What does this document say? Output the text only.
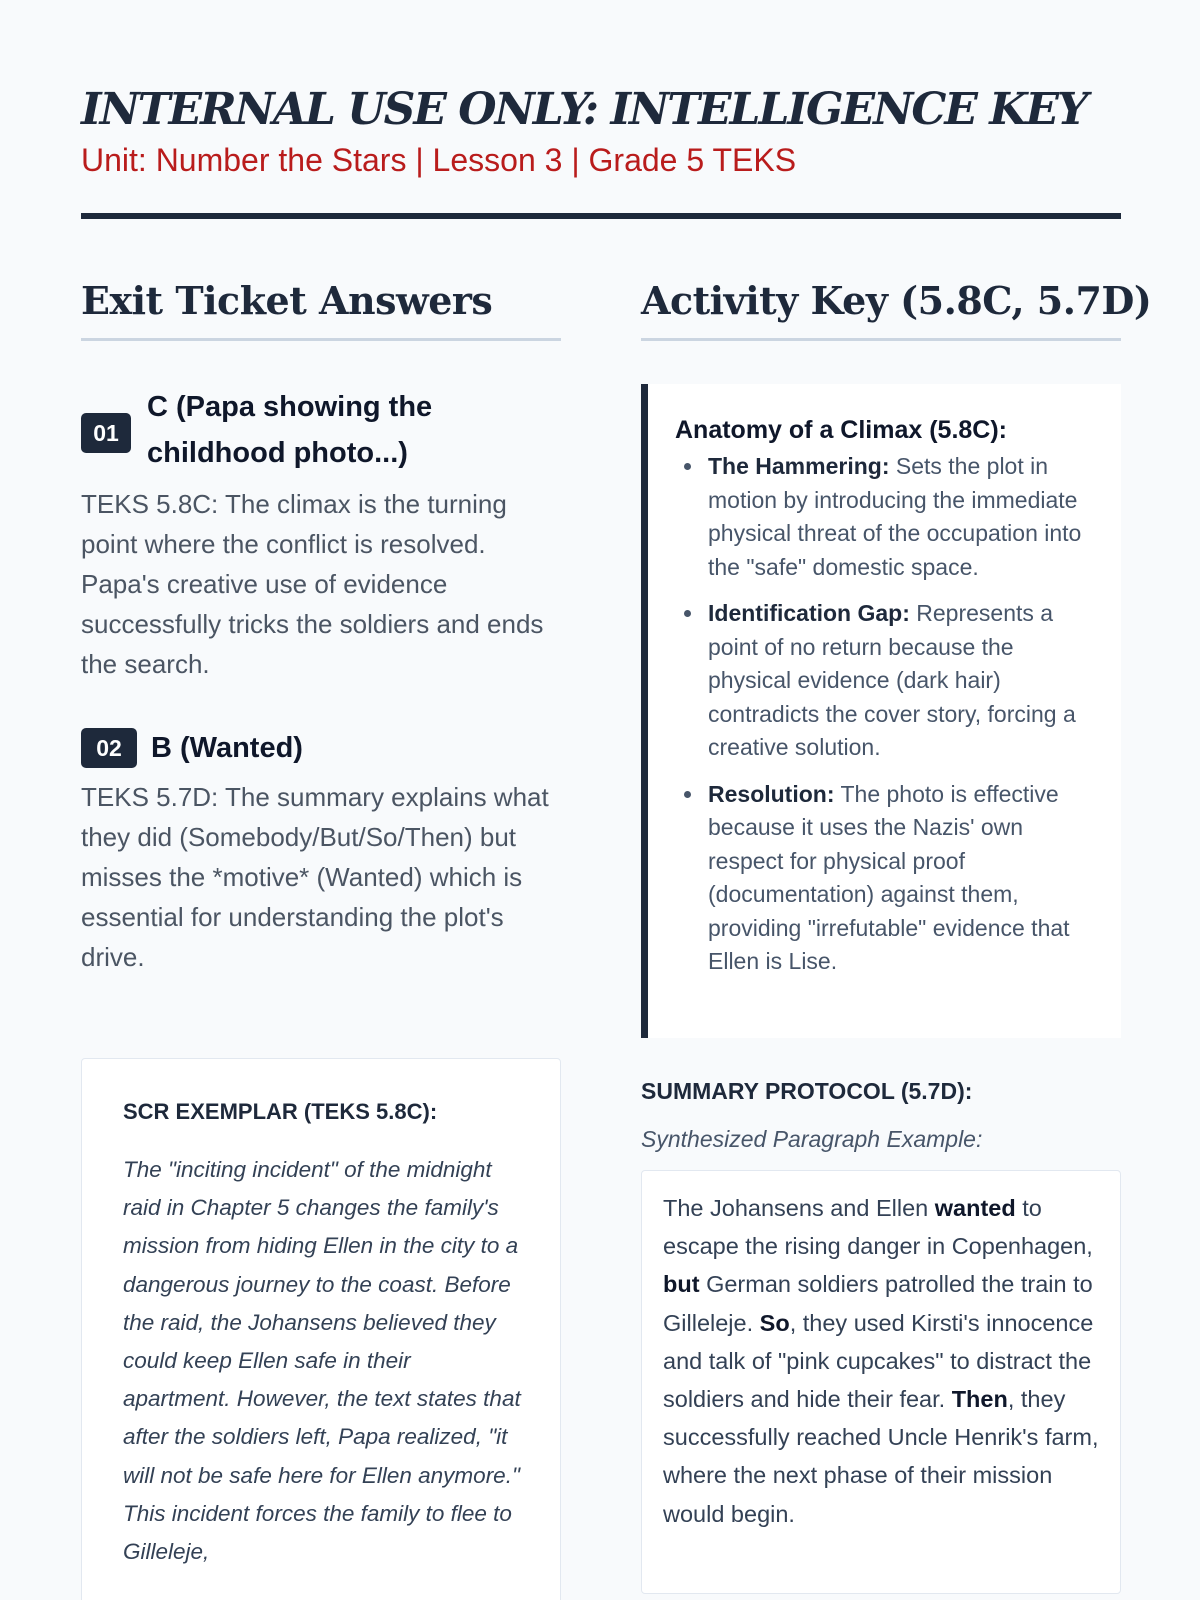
INTERNAL USE ONLY: INTELLIGENCE KEY
Unit: Number the Stars | Lesson 3 | Grade 5 TEKS
Exit Ticket Answers
01
C (Papa showing the childhood photo...)

TEKS 5.8C: The climax is the turning point where the conflict is resolved. Papa's creative use of evidence successfully tricks the soldiers and ends the search.

02	B (Wanted)

TEKS 5.7D: The summary explains what they did (Somebody/But/So/Then) but misses the *motive* (Wanted) which is essential for understanding the plot's drive.

SCR EXEMPLAR (TEKS 5.8C):

The "inciting incident" of the midnight raid in Chapter 5 changes the family's mission from hiding Ellen in the city to a dangerous journey to the coast. Before the raid, the Johansens believed they could keep Ellen safe in their apartment. However, the text states that after the soldiers left, Papa realized, "it will not be safe here for Ellen anymore." This incident forces the family to flee to Gilleleje,

Activity Key (5.8C, 5.7D)
Anatomy of a Climax (5.8C):
The Hammering: Sets the plot in motion by introducing the immediate physical threat of the occupation into the "safe" domestic space.
Identification Gap: Represents a point of no return because the physical evidence (dark hair) contradicts the cover story, forcing a creative solution.
Resolution: The photo is effective because it uses the Nazis' own respect for physical proof (documentation) against them, providing "irrefutable" evidence that Ellen is Lise.
SUMMARY PROTOCOL (5.7D):
Synthesized Paragraph Example:

The Johansens and Ellen wanted to escape the rising danger in Copenhagen, but German soldiers patrolled the train to Gilleleje. So, they used Kirsti's innocence and talk of "pink cupcakes" to distract the soldiers and hide their fear. Then, they successfully reached Uncle Henrik's farm, where the next phase of their mission would begin.
